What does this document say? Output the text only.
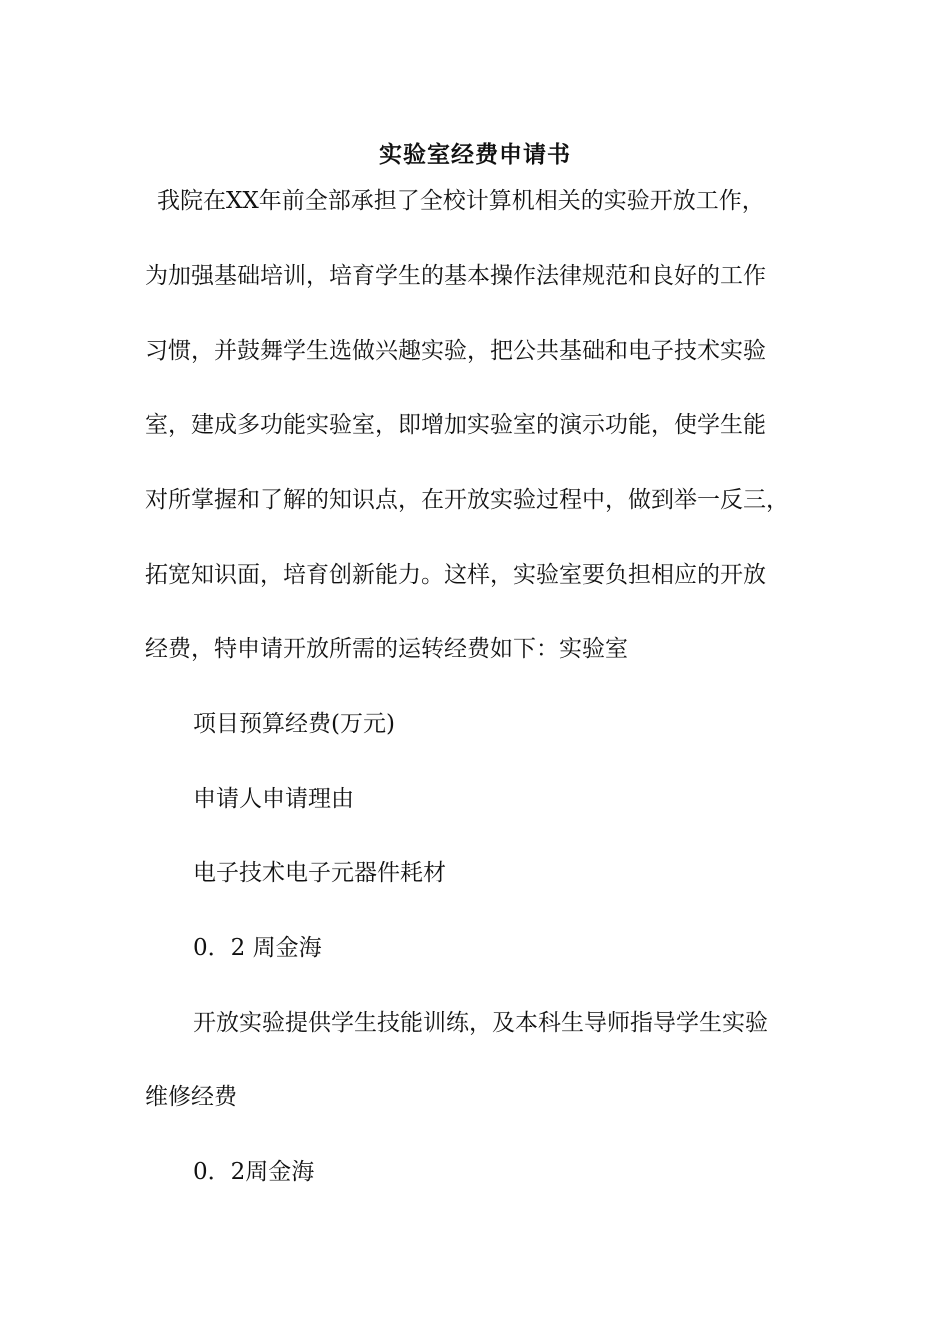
实验室经费申请书
我院在XX年前全部承担了全校计算机相关的实验开放工作，
为加强基础培训，培育学生的基本操作法律规范和良好的工作
习惯，并鼓舞学生选做兴趣实验，把公共基础和电子技术实验
室，建成多功能实验室，即增加实验室的演示功能，使学生能
对所掌握和了解的知识点，在开放实验过程中，做到举一反三，
拓宽知识面，培育创新能力。这样，实验室要负担相应的开放
经费，特申请开放所需的运转经费如下：实验室
项目预算经费(万元)
申请人申请理由
电子技术电子元器件耗材
0．2 周金海
开放实验提供学生技能训练，及本科生导师指导学生实验
维修经费
0．2周金海
